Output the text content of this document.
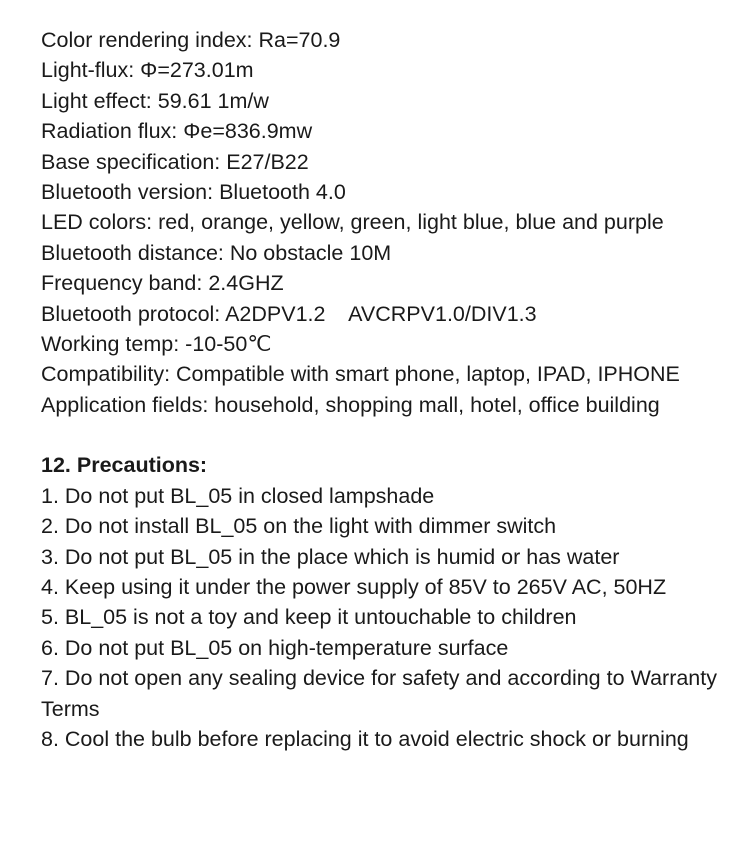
Color rendering index: Ra=70.9
Light-flux: Φ=273.01m
Light effect: 59.61 1m/w
Radiation flux: Φe=836.9mw
Base specification: E27/B22
Bluetooth version: Bluetooth 4.0
LED colors: red, orange, yellow, green, light blue, blue and purple
Bluetooth distance: No obstacle 10M
Frequency band: 2.4GHZ
Bluetooth protocol: A2DPV1.2    AVCRPV1.0/DIV1.3
Working temp: -10-50℃
Compatibility: Compatible with smart phone, laptop, IPAD, IPHONE
Application fields: household, shopping mall, hotel, office building
12. Precautions:
1. Do not put BL_05 in closed lampshade
2. Do not install BL_05 on the light with dimmer switch
3. Do not put BL_05 in the place which is humid or has water
4. Keep using it under the power supply of 85V to 265V AC, 50HZ
5. BL_05 is not a toy and keep it untouchable to children
6. Do not put BL_05 on high-temperature surface
7. Do not open any sealing device for safety and according to Warranty Terms
8. Cool the bulb before replacing it to avoid electric shock or burning
